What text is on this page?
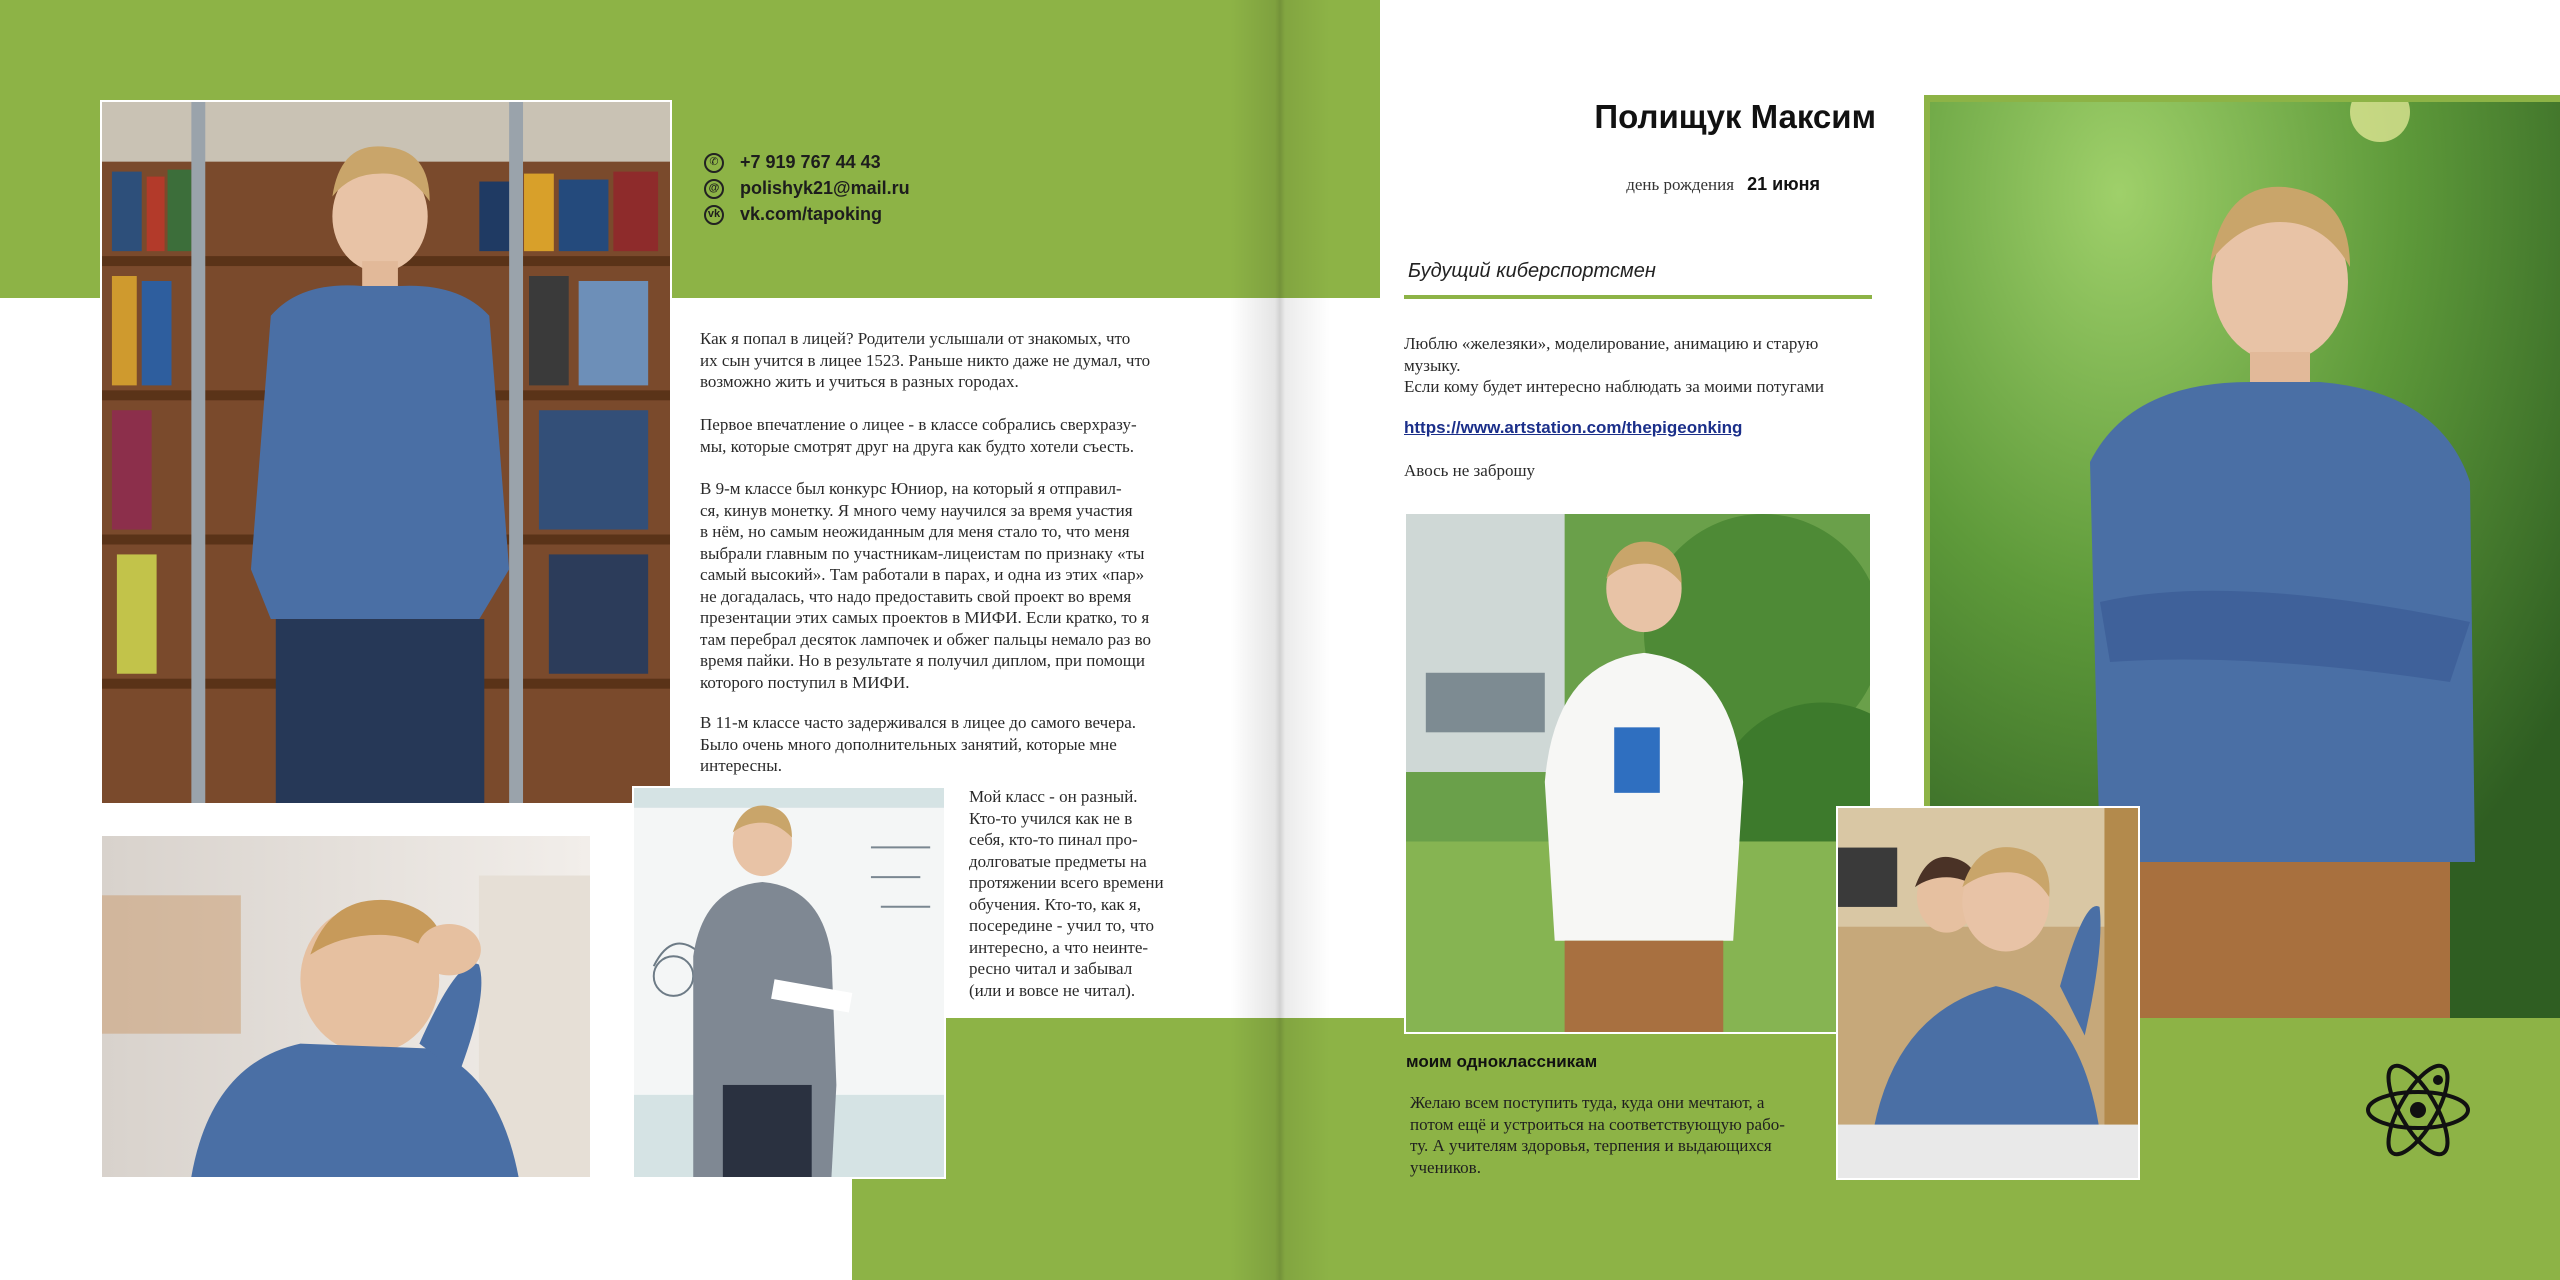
✆ +7 919 767 44 43
@ polishyk21@mail.ru
vk vk.com/tapoking
Как я попал в лицей? Родители услышали от знакомых, что
их сын учится в лицее 1523. Раньше никто даже не думал, что
возможно жить и учиться в разных городах.
Первое впечатление о лицее - в классе собрались сверхразу-
мы, которые смотрят друг на друга как будто хотели съесть.
В 9-м классе был конкурс Юниор, на который я отправил-
ся, кинув монетку. Я много чему научился за время участия
в нём, но самым неожиданным для меня стало то, что меня
выбрали главным по участникам-лицеистам по признаку «ты
самый высокий». Там работали в парах, и одна из этих «пар»
не догадалась, что надо предоставить свой проект во время
презентации этих самых проектов в МИФИ. Если кратко, то я
там перебрал десяток лампочек и обжег пальцы немало раз во
время пайки. Но в результате я получил диплом, при помощи
которого поступил в МИФИ.
В 11-м классе часто задерживался в лицее до самого вечера.
Было очень много дополнительных занятий, которые мне
интересны.
Мой класс - он разный.
Кто-то учился как не в
себя, кто-то пинал про-
долговатые предметы на
протяжении всего времени
обучения. Кто-то, как я,
посередине - учил то, что
интересно, а что неинте-
ресно читал и забывал
(или и вовсе не читал).
Полищук Максим
день рождения 21 июня
Будущий киберспортсмен
Люблю «железяки», моделирование, анимацию и старую
музыку.
Если кому будет интересно наблюдать за моими потугами
https://www.artstation.com/thepigeonking
Авось не заброшу
моим одноклассникам
Желаю всем поступить туда, куда они мечтают, а
потом ещё и устроиться на соответствующую рабо-
ту. А учителям здоровья, терпения и выдающихся
учеников.
